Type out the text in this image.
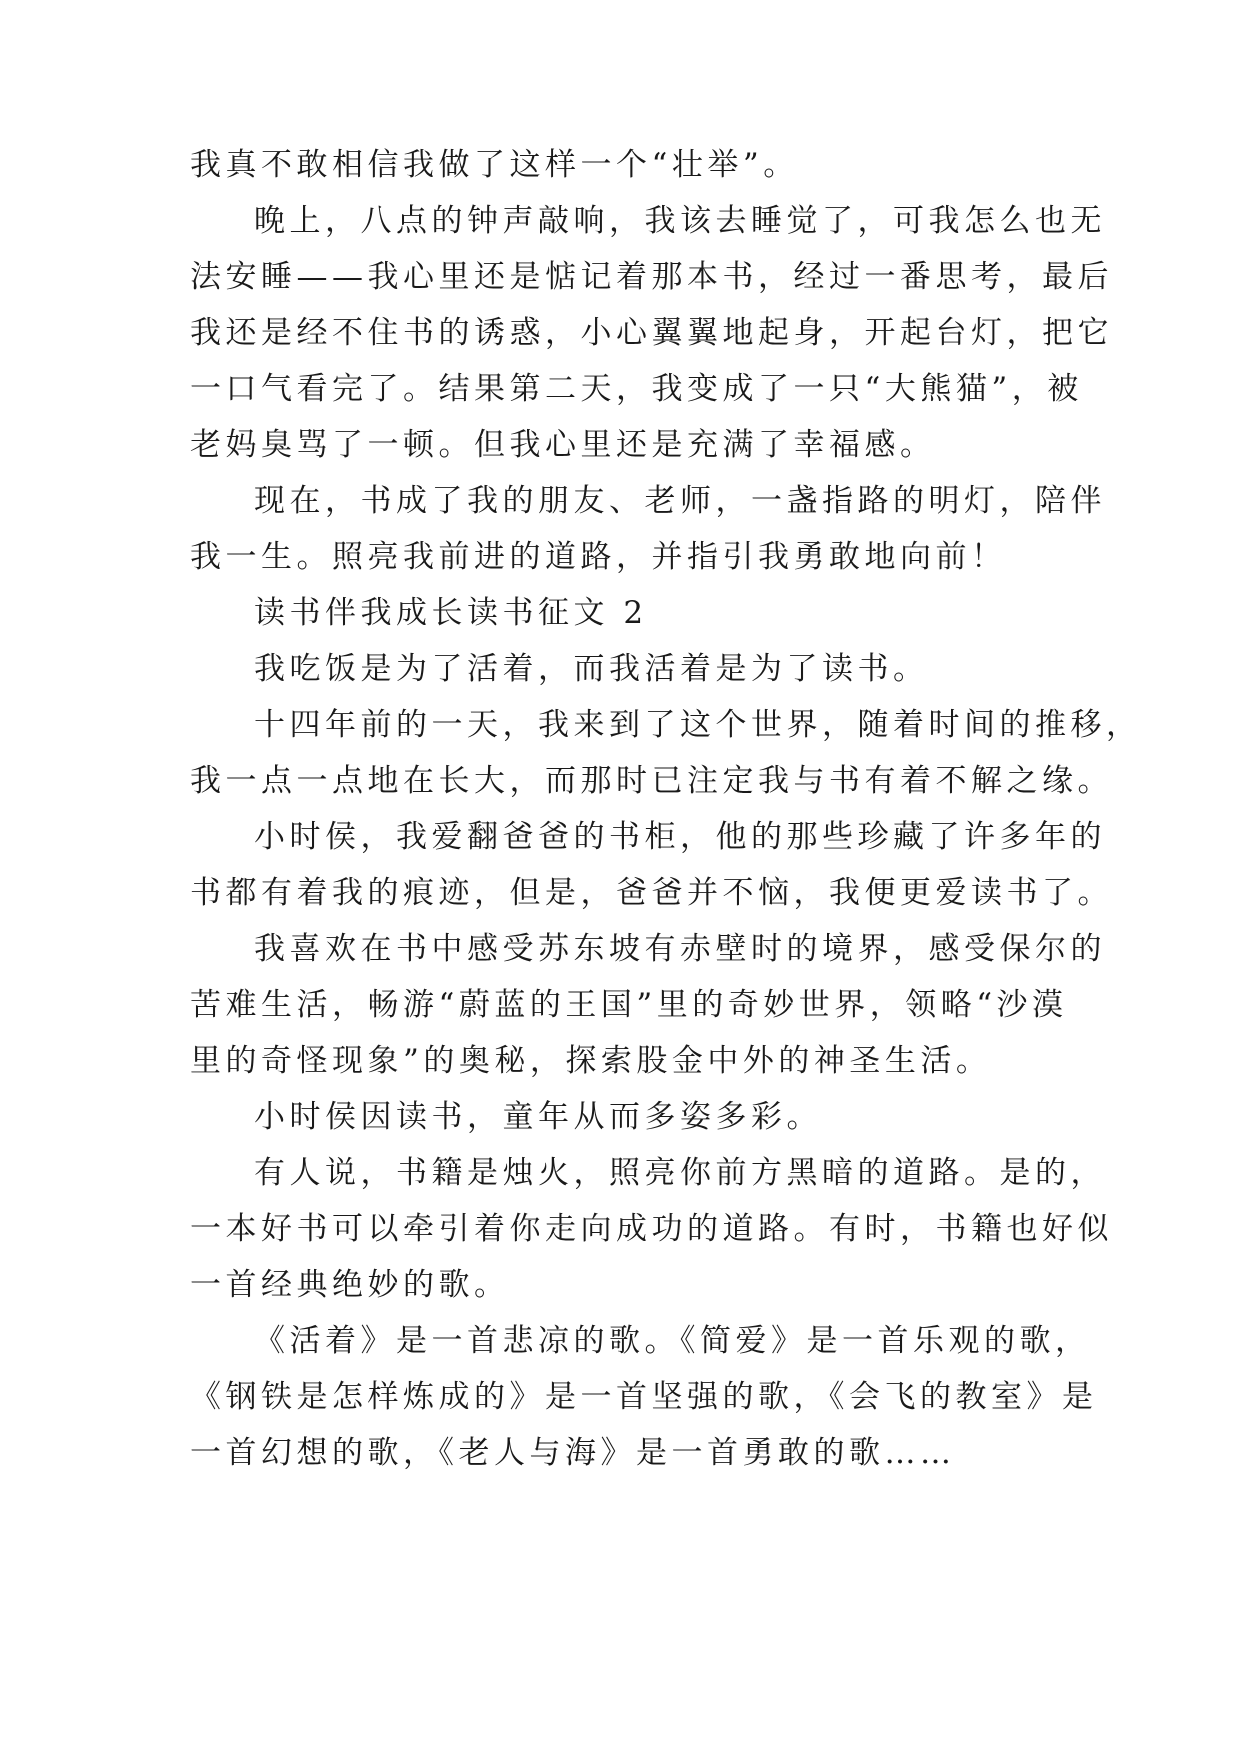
我真不敢相信我做了这样一个“壮举”。
晚上，八点的钟声敲响，我该去睡觉了，可我怎么也无
法安睡——我心里还是惦记着那本书，经过一番思考，最后
我还是经不住书的诱惑，小心翼翼地起身，开起台灯，把它
一口气看完了。结果第二天，我变成了一只“大熊猫”，被
老妈臭骂了一顿。但我心里还是充满了幸福感。
现在，书成了我的朋友、老师，一盏指路的明灯，陪伴
我一生。照亮我前进的道路，并指引我勇敢地向前！
读书伴我成长读书征文 2
我吃饭是为了活着，而我活着是为了读书。
十四年前的一天，我来到了这个世界，随着时间的推移，
我一点一点地在长大，而那时已注定我与书有着不解之缘。
小时侯，我爱翻爸爸的书柜，他的那些珍藏了许多年的
书都有着我的痕迹，但是，爸爸并不恼，我便更爱读书了。
我喜欢在书中感受苏东坡有赤壁时的境界，感受保尔的
苦难生活，畅游“蔚蓝的王国”里的奇妙世界，领略“沙漠
里的奇怪现象”的奥秘，探索股金中外的神圣生活。
小时侯因读书，童年从而多姿多彩。
有人说，书籍是烛火，照亮你前方黑暗的道路。是的，
一本好书可以牵引着你走向成功的道路。有时，书籍也好似
一首经典绝妙的歌。
《活着》是一首悲凉的歌。《简爱》是一首乐观的歌，
《钢铁是怎样炼成的》是一首坚强的歌，《会飞的教室》是
一首幻想的歌，《老人与海》是一首勇敢的歌……
